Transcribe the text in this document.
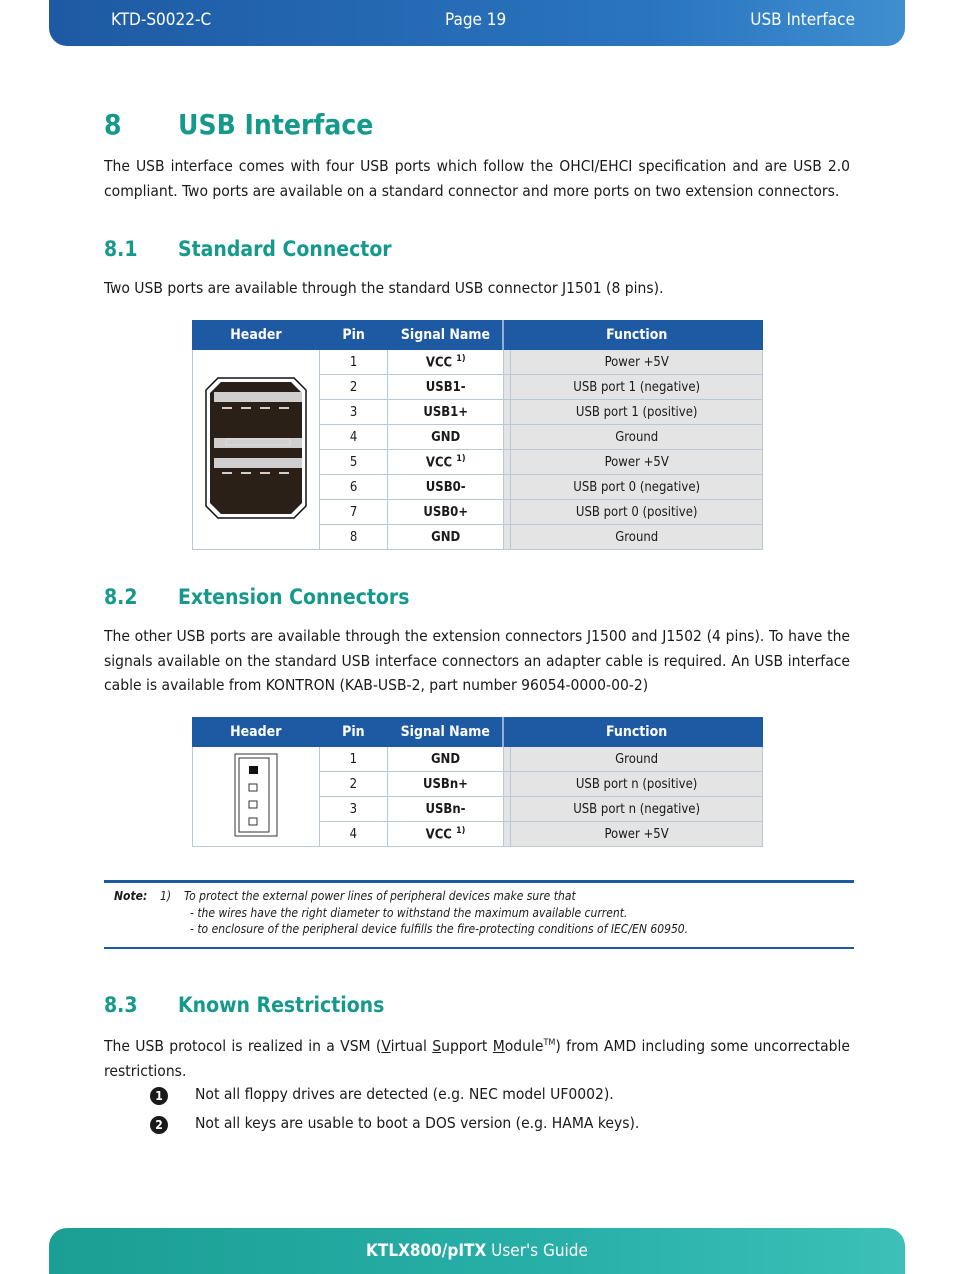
KTD-S0022-C	Page 19	USB Interface
8 USB Interface

The USB interface comes with four USB ports which follow the OHCI/EHCI specification and are USB 2.0 compliant. Two ports are available on a standard connector and more ports on two extension connectors.

8.1 Standard Connector

Two USB ports are available through the standard USB connector J1501 (8 pins).

Header	Pin	Signal Name		Function
	1	VCC $^{1)}$		Power +5V
	2	USB1-		USB port 1 (negative)
	3	USB1+		USB port 1 (positive)
	4	GND		Ground
	5	VCC $^{1)}$		Power +5V
	6	USB0-		USB port 0 (negative)
	7	USB0+		USB port 0 (positive)
	8	GND		Ground
8.2 Extension Connectors

The other USB ports are available through the extension connectors J1500 and J1502 (4 pins). To have the signals available on the standard USB interface connectors an adapter cable is required. An USB interface cable is available from KONTRON (KAB-USB-2, part number 96054-0000-00-2)

Header	Pin	Signal Name		Function
	1	GND		Ground
	2	USBn+		USB port n (positive)
	3	USBn-		USB port n (negative)
	4	VCC $^{1)}$		Power +5V
Note: 1) To protect the external power lines of peripheral devices make sure that
- the wires have the right diameter to withstand the maximum available current.
- to enclosure of the peripheral device fulfills the fire-protecting conditions of IEC/EN 60950.
8.3 Known Restrictions

The USB protocol is realized in a VSM (Virtual Support Module™) from AMD including some uncorrectable restrictions.

1 Not all floppy drives are detected (e.g. NEC model UF0002).
2 Not all keys are usable to boot a DOS version (e.g. HAMA keys).
KTLX800/pITX User's Guide
